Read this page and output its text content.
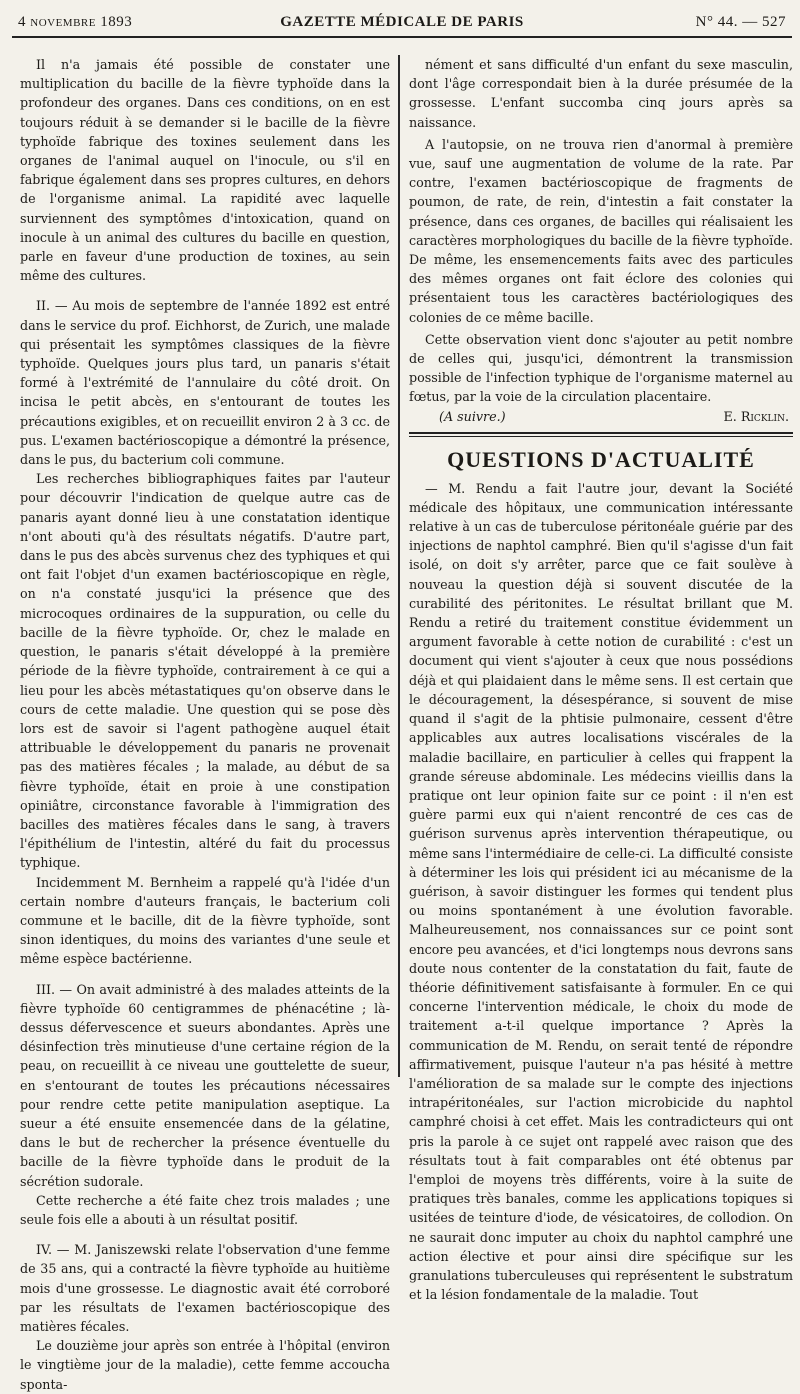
4 novembre 1893	GAZETTE MÉDICALE DE PARIS	N° 44. — 527

Il n'a jamais été possible de constater une multiplication du bacille de la fièvre typhoïde dans la profondeur des organes. Dans ces conditions, on en est toujours réduit à se demander si le bacille de la fièvre typhoïde fabrique des toxines seulement dans les organes de l'animal auquel on l'inocule, ou s'il en fabrique également dans ses propres cultures, en dehors de l'organisme animal. La rapidité avec laquelle surviennent des symptômes d'intoxication, quand on inocule à un animal des cultures du bacille en question, parle en faveur d'une production de toxines, au sein même des cultures.

II. — Au mois de septembre de l'année 1892 est entré dans le service du prof. Eichhorst, de Zurich, une malade qui présentait les symptômes classiques de la fièvre typhoïde. Quelques jours plus tard, un panaris s'était formé à l'extrémité de l'annulaire du côté droit. On incisa le petit abcès, en s'entourant de toutes les précautions exigibles, et on recueillit environ 2 à 3 cc. de pus. L'examen bactérioscopique a démontré la présence, dans le pus, du bacterium coli commune.

Les recherches bibliographiques faites par l'auteur pour découvrir l'indication de quelque autre cas de panaris ayant donné lieu à une constatation identique n'ont abouti qu'à des résultats négatifs. D'autre part, dans le pus des abcès survenus chez des typhiques et qui ont fait l'objet d'un examen bactérioscopique en règle, on n'a constaté jusqu'ici la présence que des microcoques ordinaires de la suppuration, ou celle du bacille de la fièvre typhoïde. Or, chez le malade en question, le panaris s'était développé à la première période de la fièvre typhoïde, contrairement à ce qui a lieu pour les abcès métastatiques qu'on observe dans le cours de cette maladie. Une question qui se pose dès lors est de savoir si l'agent pathogène auquel était attribuable le développement du panaris ne provenait pas des matières fécales ; la malade, au début de sa fièvre typhoïde, était en proie à une constipation opiniâtre, circonstance favorable à l'immigration des bacilles des matières fécales dans le sang, à travers l'épithélium de l'intestin, altéré du fait du processus typhique.

Incidemment M. Bernheim a rappelé qu'à l'idée d'un certain nombre d'auteurs français, le bacterium coli commune et le bacille, dit de la fièvre typhoïde, sont sinon identiques, du moins des variantes d'une seule et même espèce bactérienne.

III. — On avait administré à des malades atteints de la fièvre typhoïde 60 centigrammes de phénacétine ; là-dessus défervescence et sueurs abondantes. Après une désinfection très minutieuse d'une certaine région de la peau, on recueillit à ce niveau une gouttelette de sueur, en s'entourant de toutes les précautions nécessaires pour rendre cette petite manipulation aseptique. La sueur a été ensuite ensemencée dans de la gélatine, dans le but de rechercher la présence éventuelle du bacille de la fièvre typhoïde dans le produit de la sécrétion sudorale.

Cette recherche a été faite chez trois malades ; une seule fois elle a abouti à un résultat positif.

IV. — M. Janiszewski relate l'observation d'une femme de 35 ans, qui a contracté la fièvre typhoïde au huitième mois d'une grossesse. Le diagnostic avait été corroboré par les résultats de l'examen bactérioscopique des matières fécales.

Le douzième jour après son entrée à l'hôpital (environ le vingtième jour de la maladie), cette femme accoucha sponta-

nément et sans difficulté d'un enfant du sexe masculin, dont l'âge correspondait bien à la durée présumée de la grossesse. L'enfant succomba cinq jours après sa naissance.

A l'autopsie, on ne trouva rien d'anormal à première vue, sauf une augmentation de volume de la rate. Par contre, l'examen bactérioscopique de fragments de poumon, de rate, de rein, d'intestin a fait constater la présence, dans ces organes, de bacilles qui réalisaient les caractères morphologiques du bacille de la fièvre typhoïde. De même, les ensemencements faits avec des particules des mêmes organes ont fait éclore des colonies qui présentaient tous les caractères bactériologiques des colonies de ce même bacille.

Cette observation vient donc s'ajouter au petit nombre de celles qui, jusqu'ici, démontrent la transmission possible de l'infection typhique de l'organisme maternel au fœtus, par la voie de la circulation placentaire.

(A suivre.)	E. Ricklin.
QUESTIONS D'ACTUALITÉ

— M. Rendu a fait l'autre jour, devant la Société médicale des hôpitaux, une communication intéressante relative à un cas de tuberculose péritonéale guérie par des injections de naphtol camphré. Bien qu'il s'agisse d'un fait isolé, on doit s'y arrêter, parce que ce fait soulève à nouveau la question déjà si souvent discutée de la curabilité des péritonites. Le résultat brillant que M. Rendu a retiré du traitement constitue évidemment un argument favorable à cette notion de curabilité : c'est un document qui vient s'ajouter à ceux que nous possédions déjà et qui plaidaient dans le même sens. Il est certain que le découragement, la désespérance, si souvent de mise quand il s'agit de la phtisie pulmonaire, cessent d'être applicables aux autres localisations viscérales de la maladie bacillaire, en particulier à celles qui frappent la grande séreuse abdominale. Les médecins vieillis dans la pratique ont leur opinion faite sur ce point : il n'en est guère parmi eux qui n'aient rencontré de ces cas de guérison survenus après intervention thérapeutique, ou même sans l'intermédiaire de celle-ci. La difficulté consiste à déterminer les lois qui président ici au mécanisme de la guérison, à savoir distinguer les formes qui tendent plus ou moins spontanément à une évolution favorable. Malheureusement, nos connaissances sur ce point sont encore peu avancées, et d'ici longtemps nous devrons sans doute nous contenter de la constatation du fait, faute de théorie définitivement satisfaisante à formuler. En ce qui concerne l'intervention médicale, le choix du mode de traitement a-t-il quelque importance ? Après la communication de M. Rendu, on serait tenté de répondre affirmativement, puisque l'auteur n'a pas hésité à mettre l'amélioration de sa malade sur le compte des injections intrapéritonéales, sur l'action microbicide du naphtol camphré choisi à cet effet. Mais les contradicteurs qui ont pris la parole à ce sujet ont rappelé avec raison que des résultats tout à fait comparables ont été obtenus par l'emploi de moyens très différents, voire à la suite de pratiques très banales, comme les applications topiques si usitées de teinture d'iode, de vésicatoires, de collodion. On ne saurait donc imputer au choix du naphtol camphré une action élective et pour ainsi dire spécifique sur les granulations tuberculeuses qui représentent le substratum et la lésion fondamentale de la maladie. Tout
